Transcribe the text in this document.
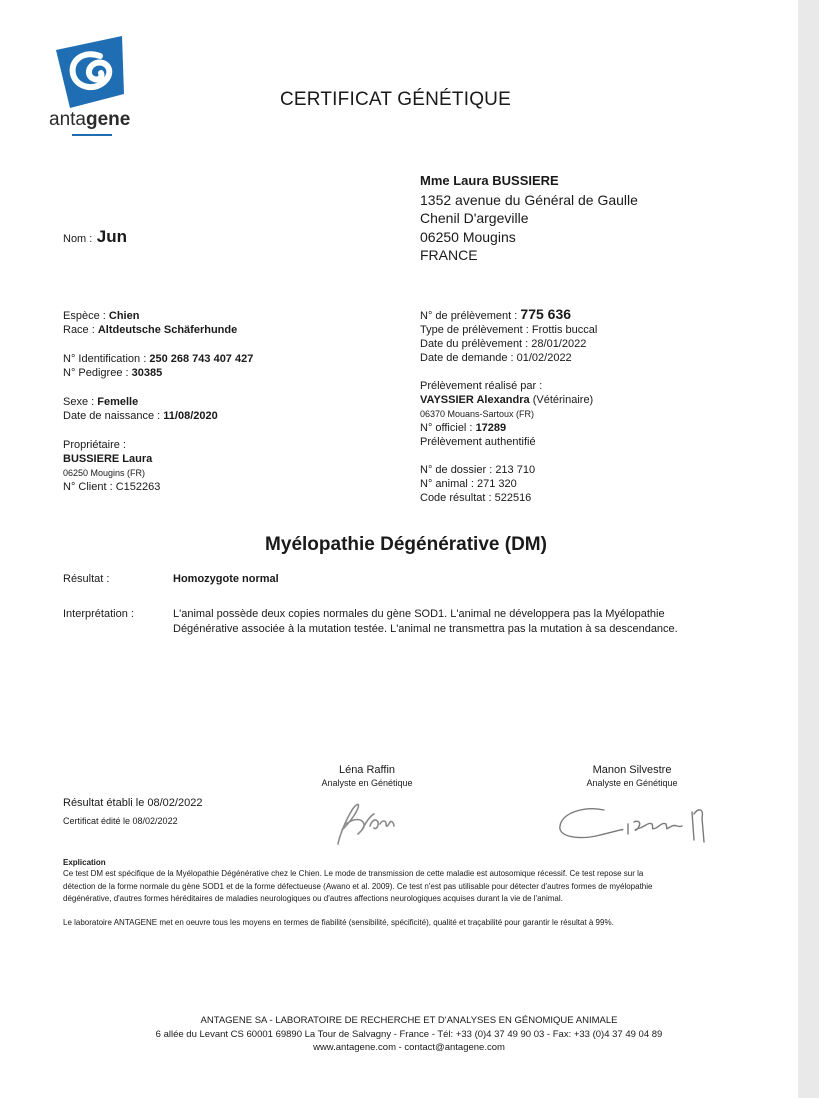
antagene
CERTIFICAT GÉNÉTIQUE
Mme Laura BUSSIERE
1352 avenue du Général de Gaulle
Chenil D'argeville
06250 Mougins
FRANCE
Nom : Jun
Espèce : Chien
Race : Altdeutsche Schäferhunde
N° Identification : 250 268 743 407 427
N° Pedigree : 30385
Sexe : Femelle
Date de naissance : 11/08/2020
Propriétaire :
BUSSIERE Laura
06250 Mougins (FR)
N° Client : C152263
N° de prélèvement : 775 636
Type de prélèvement : Frottis buccal
Date du prélèvement : 28/01/2022
Date de demande : 01/02/2022
Prélèvement réalisé par :
VAYSSIER Alexandra (Vétérinaire)
06370 Mouans-Sartoux (FR)
N° officiel : 17289
Prélèvement authentifié
N° de dossier : 213 710
N° animal : 271 320
Code résultat : 522516
Myélopathie Dégénérative (DM)
Résultat :	Homozygote normal
Interprétation :	L'animal possède deux copies normales du gène SOD1. L'animal ne développera pas la Myélopathie
Dégénérative associée à la mutation testée. L'animal ne transmettra pas la mutation à sa descendance.
Léna Raffin
Analyste en Génétique
Manon Silvestre
Analyste en Génétique
Résultat établi le 08/02/2022
Certificat édité le 08/02/2022
Explication
Ce test DM est spécifique de la Myélopathie Dégénérative chez le Chien. Le mode de transmission de cette maladie est autosomique récessif. Ce test repose sur la
détection de la forme normale du gène SOD1 et de la forme défectueuse (Awano et al. 2009). Ce test n'est pas utilisable pour détecter d'autres formes de myélopathie
dégénérative, d'autres formes héréditaires de maladies neurologiques ou d'autres affections neurologiques acquises durant la vie de l'animal.
Le laboratoire ANTAGENE met en oeuvre tous les moyens en termes de fiabilité (sensibilité, spécificité), qualité et traçabilité pour garantir le résultat à 99%.
ANTAGENE SA - LABORATOIRE DE RECHERCHE ET D'ANALYSES EN GÉNOMIQUE ANIMALE
6 allée du Levant CS 60001 69890 La Tour de Salvagny - France - Tél: +33 (0)4 37 49 90 03 - Fax: +33 (0)4 37 49 04 89
www.antagene.com - contact@antagene.com
